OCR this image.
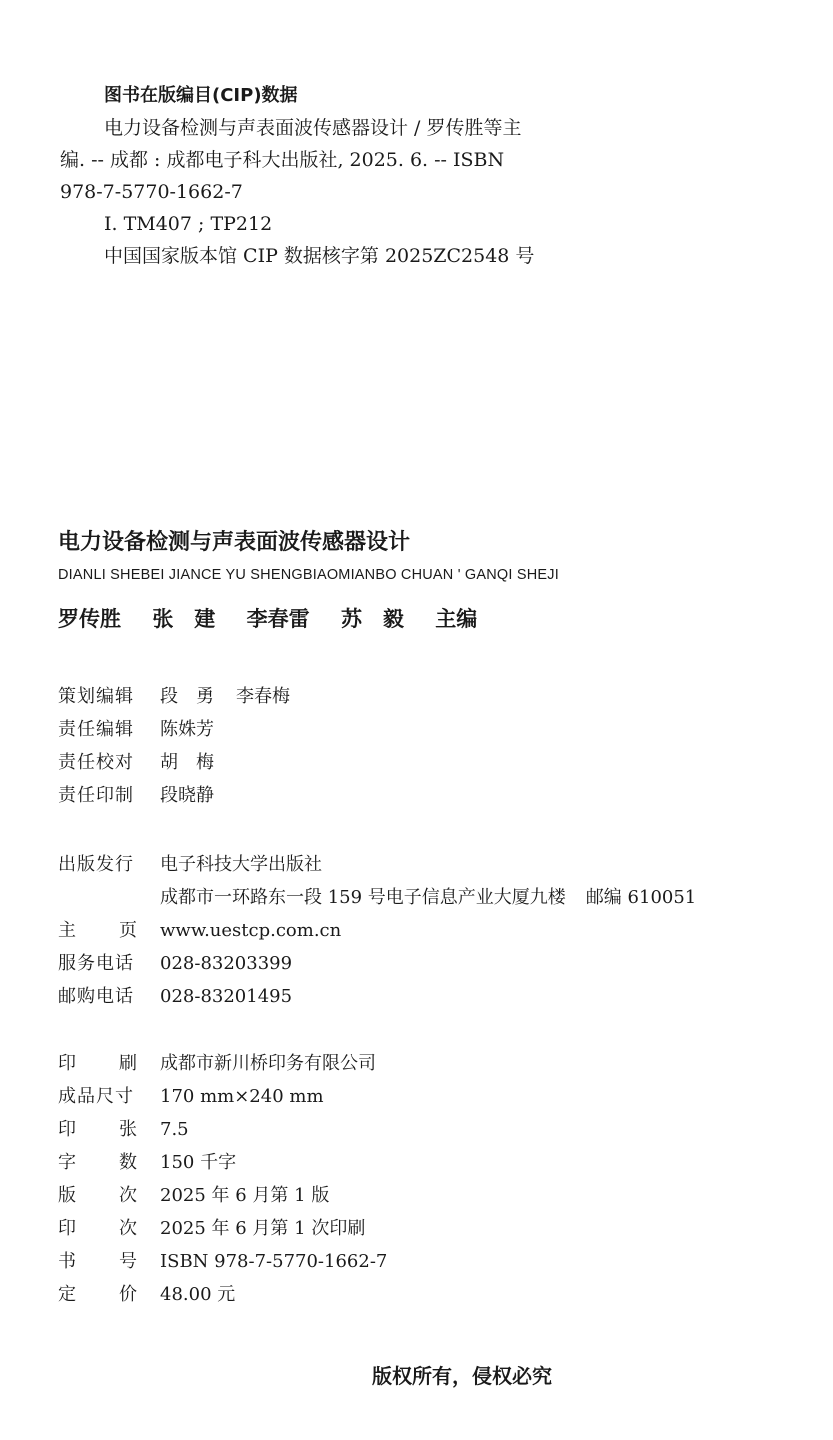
图书在版编目(CIP)数据
电力设备检测与声表面波传感器设计 / 罗传胜等主
编. -- 成都 : 成都电子科大出版社, 2025. 6. -- ISBN
978-7-5770-1662-7
Ⅰ. TM407 ; TP212
中国国家版本馆 CIP 数据核字第 2025ZC2548 号
电力设备检测与声表面波传感器设计
DIANLI SHEBEI JIANCE YU SHENGBIAOMIANBO CHUAN ' GANQI SHEJI
罗传胜 张　建 李春雷 苏　毅 主编
策划编辑	段　勇 李春梅
责任编辑	陈姝芳
责任校对	胡　梅
责任印制	段晓静
出版发行	电子科技大学出版社
成都市一环路东一段 159 号电子信息产业大厦九楼 邮编 610051
主 页 www.uestcp.com.cn
服务电话	028-83203399
邮购电话	028-83201495
印 刷 成都市新川桥印务有限公司
成品尺寸	170 mm×240 mm
印 张 7.5
字 数 150 千字
版 次 2025 年 6 月第 1 版
印 次 2025 年 6 月第 1 次印刷
书 号 ISBN 978-7-5770-1662-7
定 价 48.00 元
版权所有，侵权必究
